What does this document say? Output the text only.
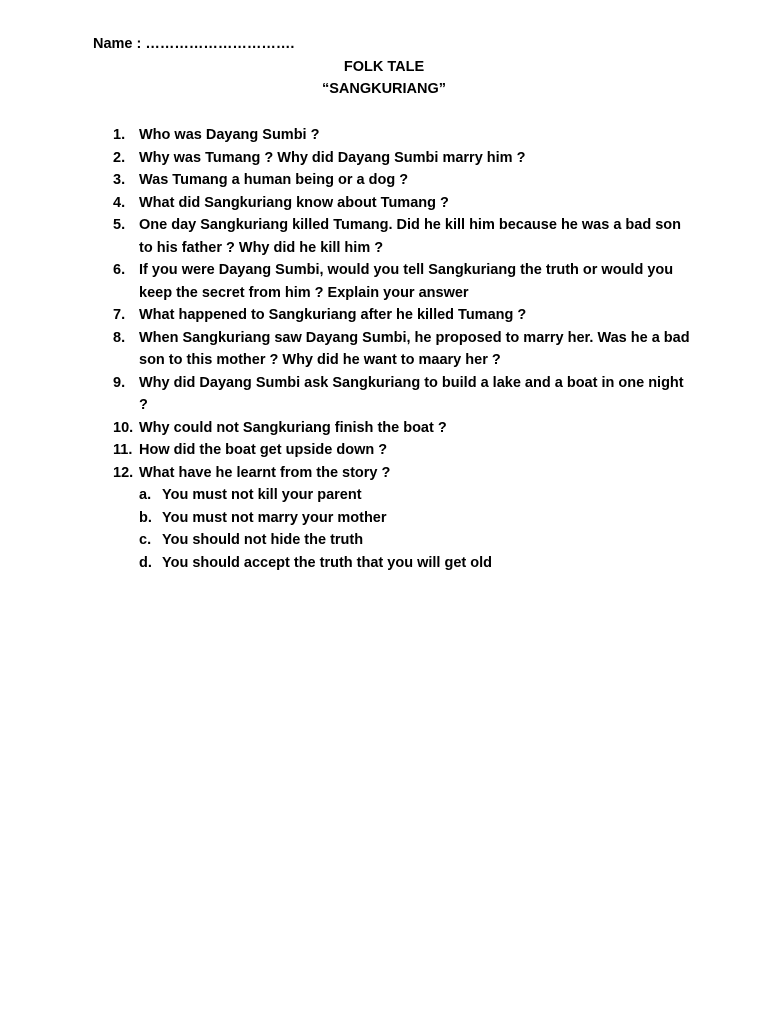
Name : ………………………….
FOLK TALE
“SANGKURIANG”
1. Who was Dayang Sumbi ?
2. Why was Tumang ? Why did Dayang Sumbi marry him ?
3. Was Tumang a human being or a dog ?
4. What did Sangkuriang know about Tumang ?
5. One day Sangkuriang killed Tumang. Did he kill him because he was a bad son to his father ? Why did he kill him ?
6. If you were Dayang Sumbi, would you tell Sangkuriang the truth or would you keep the secret from him ? Explain your answer
7. What happened to Sangkuriang after he killed Tumang ?
8. When Sangkuriang saw Dayang Sumbi, he proposed to marry her. Was he a bad son to this mother ? Why did he want to maary her ?
9. Why did Dayang Sumbi ask Sangkuriang to build a lake and a boat in one night ?
10. Why could not Sangkuriang finish the boat ?
11. How did the boat get upside down ?
12. What have he learnt from the story ?
a. You must not kill your parent
b. You must not marry your mother
c. You should not hide the truth
d. You should accept the truth that you will get old
